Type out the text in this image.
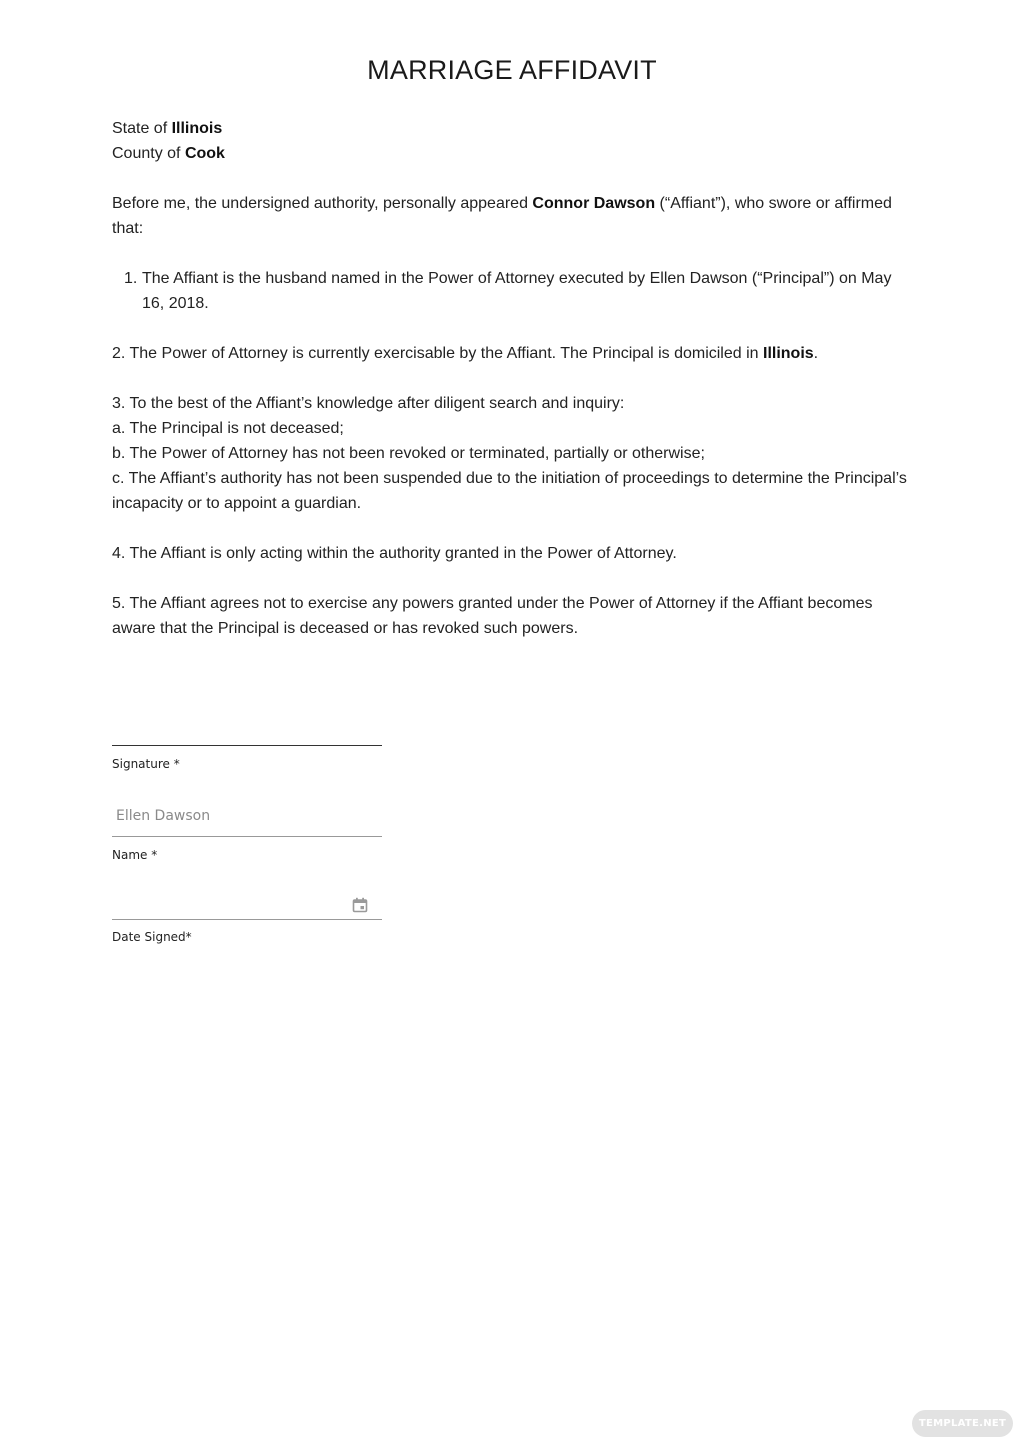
MARRIAGE AFFIDAVIT

State of Illinois

County of Cook

Before me, the undersigned authority, personally appeared Connor Dawson (“Affiant”), who swore or affirmed that:

1. The Affiant is the husband named in the Power of Attorney executed by Ellen Dawson (“Principal”) on May 16, 2018.

2. The Power of Attorney is currently exercisable by the Affiant. The Principal is domiciled in Illinois.

3. To the best of the Affiant’s knowledge after diligent search and inquiry:

a. The Principal is not deceased;

b. The Power of Attorney has not been revoked or terminated, partially or otherwise;

c. The Affiant’s authority has not been suspended due to the initiation of proceedings to determine the Principal’s incapacity or to appoint a guardian.

4. The Affiant is only acting within the authority granted in the Power of Attorney.

5. The Affiant agrees not to exercise any powers granted under the Power of Attorney if the Affiant becomes aware that the Principal is deceased or has revoked such powers.

Signature *
Ellen Dawson
Name *
Date Signed*
TEMPLATE.NET
